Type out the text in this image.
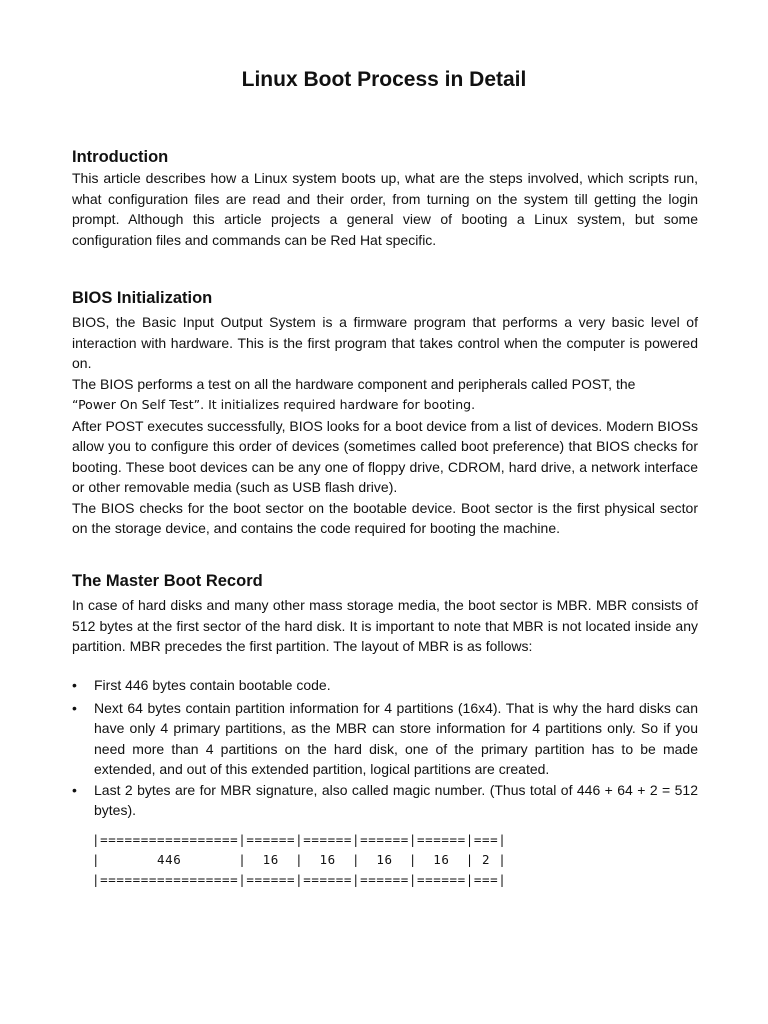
Linux Boot Process in Detail
Introduction

This article describes how a Linux system boots up, what are the steps involved, which scripts run, what configuration files are read and their order, from turning on the system till getting the login prompt. Although this article projects a general view of booting a Linux system, but some configuration files and commands can be Red Hat specific.

BIOS Initialization

BIOS, the Basic Input Output System is a firmware program that performs a very basic level of interaction with hardware. This is the first program that takes control when the computer is powered on.

The BIOS performs a test on all the hardware component and peripherals called POST, the
“Power On Self Test”. It initializes required hardware for booting.

After POST executes successfully, BIOS looks for a boot device from a list of devices. Modern BIOSs allow you to configure this order of devices (sometimes called boot preference) that BIOS checks for booting. These boot devices can be any one of floppy drive, CDROM, hard drive, a network interface or other removable media (such as USB flash drive).

The BIOS checks for the boot sector on the bootable device. Boot sector is the first physical sector on the storage device, and contains the code required for booting the machine.

The Master Boot Record

In case of hard disks and many other mass storage media, the boot sector is MBR. MBR consists of 512 bytes at the first sector of the hard disk. It is important to note that MBR is not located inside any partition. MBR precedes the first partition. The layout of MBR is as follows:

• First 446 bytes contain bootable code.
• Next 64 bytes contain partition information for 4 partitions (16x4). That is why the hard disks can have only 4 primary partitions, as the MBR can store information for 4 partitions only. So if you need more than 4 partitions on the hard disk, one of the primary partition has to be made extended, and out of this extended partition, logical partitions are created.
• Last 2 bytes are for MBR signature, also called magic number. (Thus total of 446 + 64 + 2 = 512 bytes).
|=================|======|======|======|======|===|
|       446       |  16  |  16  |  16  |  16  | 2 |
|=================|======|======|======|======|===|
